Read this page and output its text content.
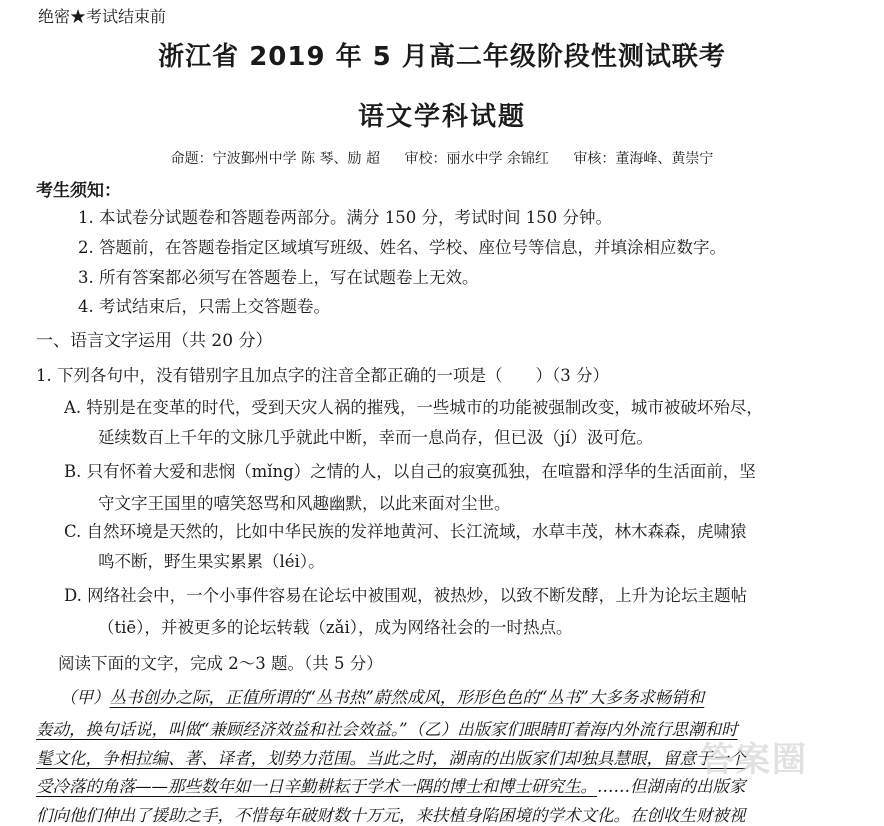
绝密★考试结束前
浙江省 2019 年 5 月高二年级阶段性测试联考
语文学科试题
命题：宁波鄞州中学 陈 琴、励 超 审校：丽水中学 余锦红 审核：董海峰、黄崇宁
考生须知：
1. 本试卷分试题卷和答题卷两部分。满分 150 分，考试时间 150 分钟。
2. 答题前，在答题卷指定区域填写班级、姓名、学校、座位号等信息，并填涂相应数字。
3. 所有答案都必须写在答题卷上，写在试题卷上无效。
4. 考试结束后，只需上交答题卷。
一、语言文字运用（共 20 分）
1. 下列各句中，没有错别字且加点字的注音全都正确的一项是（　　）（3 分）
A. 特别是在变革的时代，受到天灾人祸的摧残，一些城市的功能被强制改变，城市被破坏殆尽，
延续数百上千年的文脉几乎就此中断，幸而一息尚存，但已汲（jí）汲可危。
B. 只有怀着大爱和悲悯（mǐng）之情的人，以自己的寂寞孤独，在喧嚣和浮华的生活面前，坚
守文字王国里的嘻笑怒骂和风趣幽默，以此来面对尘世。
C. 自然环境是天然的，比如中华民族的发祥地黄河、长江流域，水草丰茂，林木森森，虎啸猿
鸣不断，野生果实累累（léi）。
D. 网络社会中，一个小事件容易在论坛中被围观，被热炒，以致不断发酵，上升为论坛主题帖
（tiē），并被更多的论坛转载（zǎi），成为网络社会的一时热点。
阅读下面的文字，完成 2～3 题。（共 5 分）
（甲）丛书创办之际，正值所谓的“丛书热”蔚然成风，形形色色的“丛书”大多务求畅销和
轰动，换句话说，叫做“兼顾经济效益和社会效益。”（乙）出版家们眼睛盯着海内外流行思潮和时
髦文化，争相拉编、著、译者，划势力范围。当此之时，湖南的出版家们却独具慧眼，留意于一个
受冷落的角落——那些数年如一日辛勤耕耘于学术一隅的博士和博士研究生。……但湖南的出版家
们向他们伸出了援助之手，不惜每年破财数十万元，来扶植身陷困境的学术文化。在创收生财被视
答案圈
